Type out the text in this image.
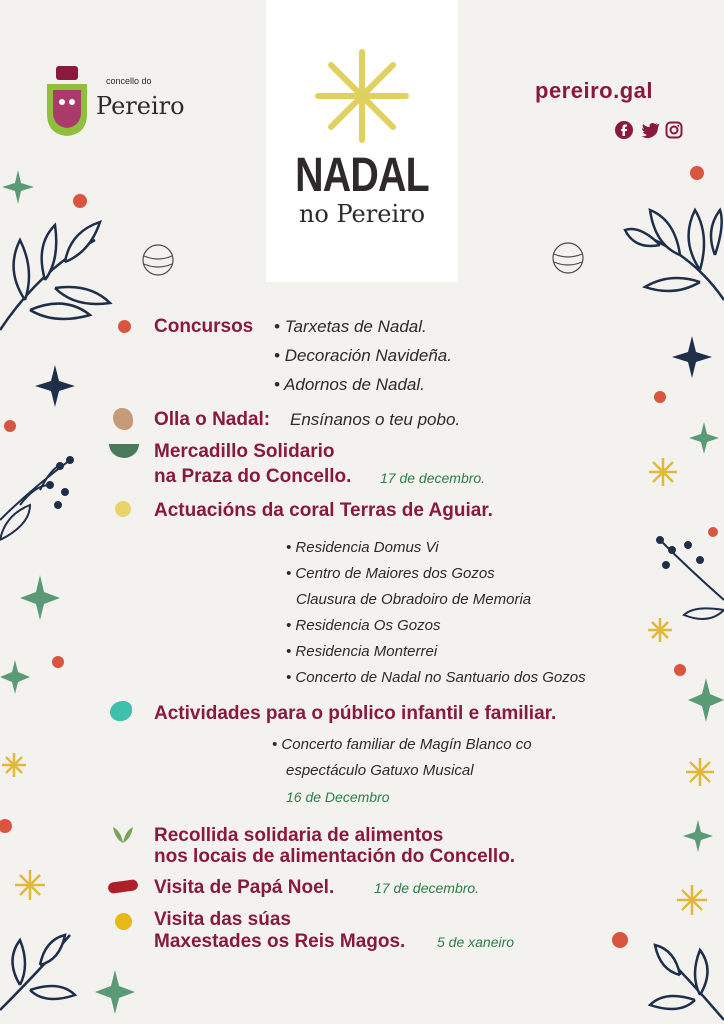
concello do
Pereiro
NADAL
no Pereiro
pereiro.gal
Concursos • Tarxetas de Nadal.
• Decoración Navideña.
• Adornos de Nadal.
Olla o Nadal: Ensínanos o teu pobo.
Mercadillo Solidario
na Praza do Concello. 17 de decembro.
Actuacións da coral Terras de Aguiar.
• Residencia Domus Vi
• Centro de Maiores dos Gozos
Clausura de Obradoiro de Memoria
• Residencia Os Gozos
• Residencia Monterrei
• Concerto de Nadal no Santuario dos Gozos
Actividades para o público infantil e familiar.
• Concerto familiar de Magín Blanco co
espectáculo Gatuxo Musical
16 de Decembro
Recollida solidaria de alimentos
nos locais de alimentación do Concello.
Visita de Papá Noel.	17 de decembro.
Visita das súas
Maxestades os Reis Magos. 5 de xaneiro
